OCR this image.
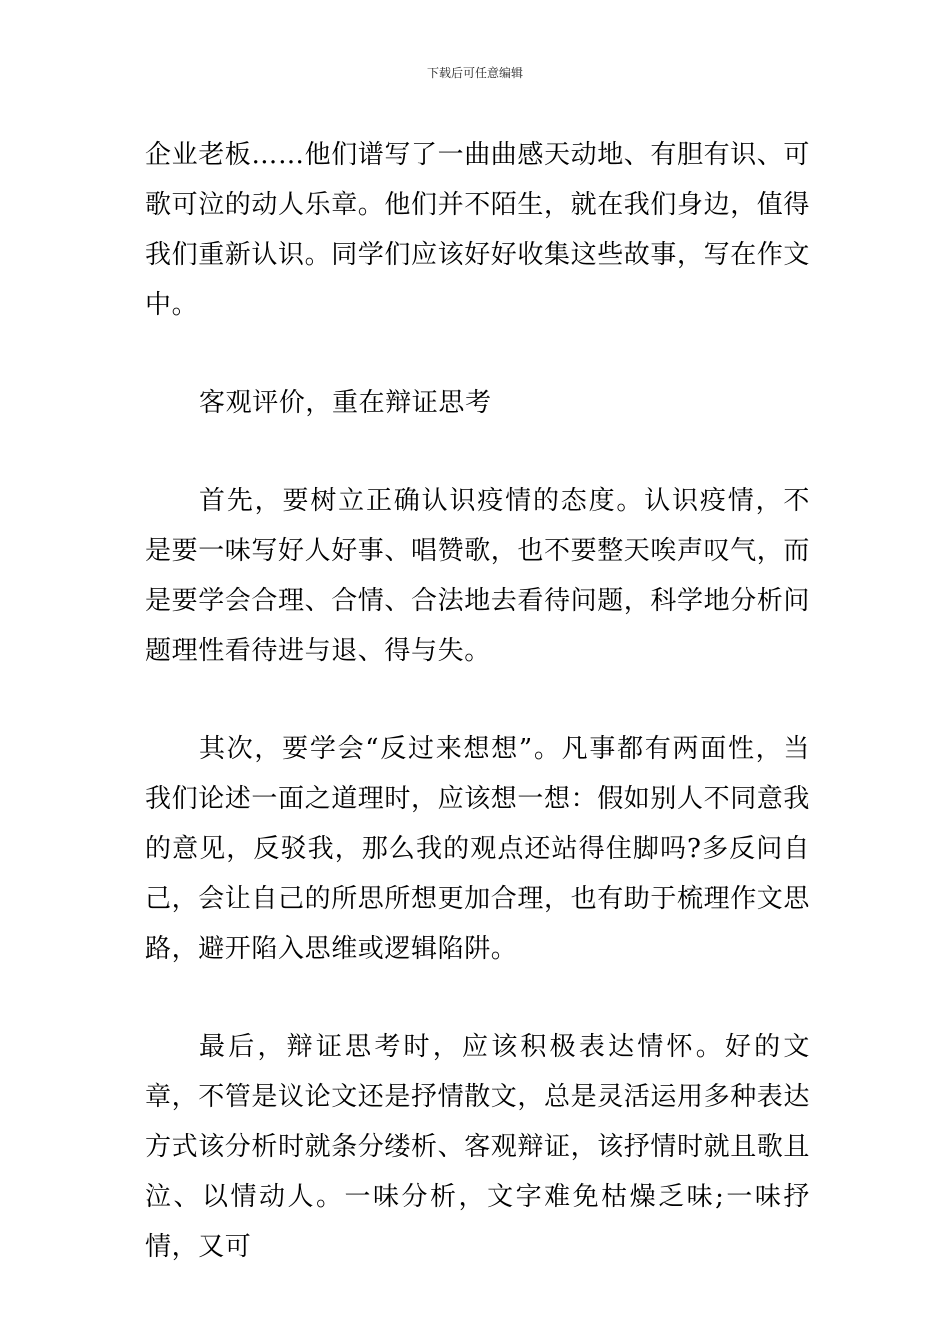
下载后可任意编辑

企业老板……他们谱写了一曲曲感天动地、有胆有识、可歌可泣的动人乐章。他们并不陌生，就在我们身边，值得我们重新认识。同学们应该好好收集这些故事，写在作文中。

客观评价，重在辩证思考

首先，要树立正确认识疫情的态度。认识疫情，不是要一味写好人好事、唱赞歌，也不要整天唉声叹气，而是要学会合理、合情、合法地去看待问题，科学地分析问题理性看待进与退、得与失。

其次，要学会“反过来想想”。凡事都有两面性，当我们论述一面之道理时，应该想一想：假如别人不同意我的意见，反驳我，那么我的观点还站得住脚吗?多反问自己，会让自己的所思所想更加合理，也有助于梳理作文思路，避开陷入思维或逻辑陷阱。

最后，辩证思考时，应该积极表达情怀。好的文章，不管是议论文还是抒情散文，总是灵活运用多种表达方式该分析时就条分缕析、客观辩证，该抒情时就且歌且泣、以情动人。一味分析，文字难免枯燥乏味;一味抒情，又可
